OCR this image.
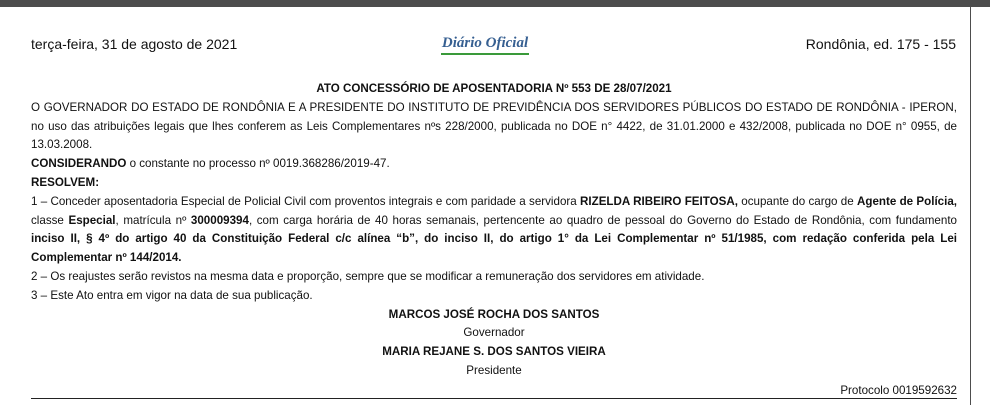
terça-feira, 31 de agosto de 2021	Diário Oficial	Rondônia, ed. 175 - 155
ATO CONCESSÓRIO DE APOSENTADORIA Nº 553 DE 28/07/2021
O GOVERNADOR DO ESTADO DE RONDÔNIA E A PRESIDENTE DO INSTITUTO DE PREVIDÊNCIA DOS SERVIDORES PÚBLICOS DO ESTADO DE RONDÔNIA - IPERON, no uso das atribuições legais que lhes conferem as Leis Complementares nºs 228/2000, publicada no DOE n° 4422, de 31.01.2000 e 432/2008, publicada no DOE n° 0955, de 13.03.2008.
CONSIDERANDO o constante no processo nº 0019.368286/2019-47.
RESOLVEM:
1 – Conceder aposentadoria Especial de Policial Civil com proventos integrais e com paridade a servidora RIZELDA RIBEIRO FEITOSA, ocupante do cargo de Agente de Polícia, classe Especial, matrícula nº 300009394, com carga horária de 40 horas semanais, pertencente ao quadro de pessoal do Governo do Estado de Rondônia, com fundamento inciso II, § 4º do artigo 40 da Constituição Federal c/c alínea “b”, do inciso II, do artigo 1° da Lei Complementar nº 51/1985, com redação conferida pela Lei Complementar nº 144/2014.
2 – Os reajustes serão revistos na mesma data e proporção, sempre que se modificar a remuneração dos servidores em atividade.
3 – Este Ato entra em vigor na data de sua publicação.
MARCOS JOSÉ ROCHA DOS SANTOS
Governador
MARIA REJANE S. DOS SANTOS VIEIRA
Presidente
Protocolo 0019592632
